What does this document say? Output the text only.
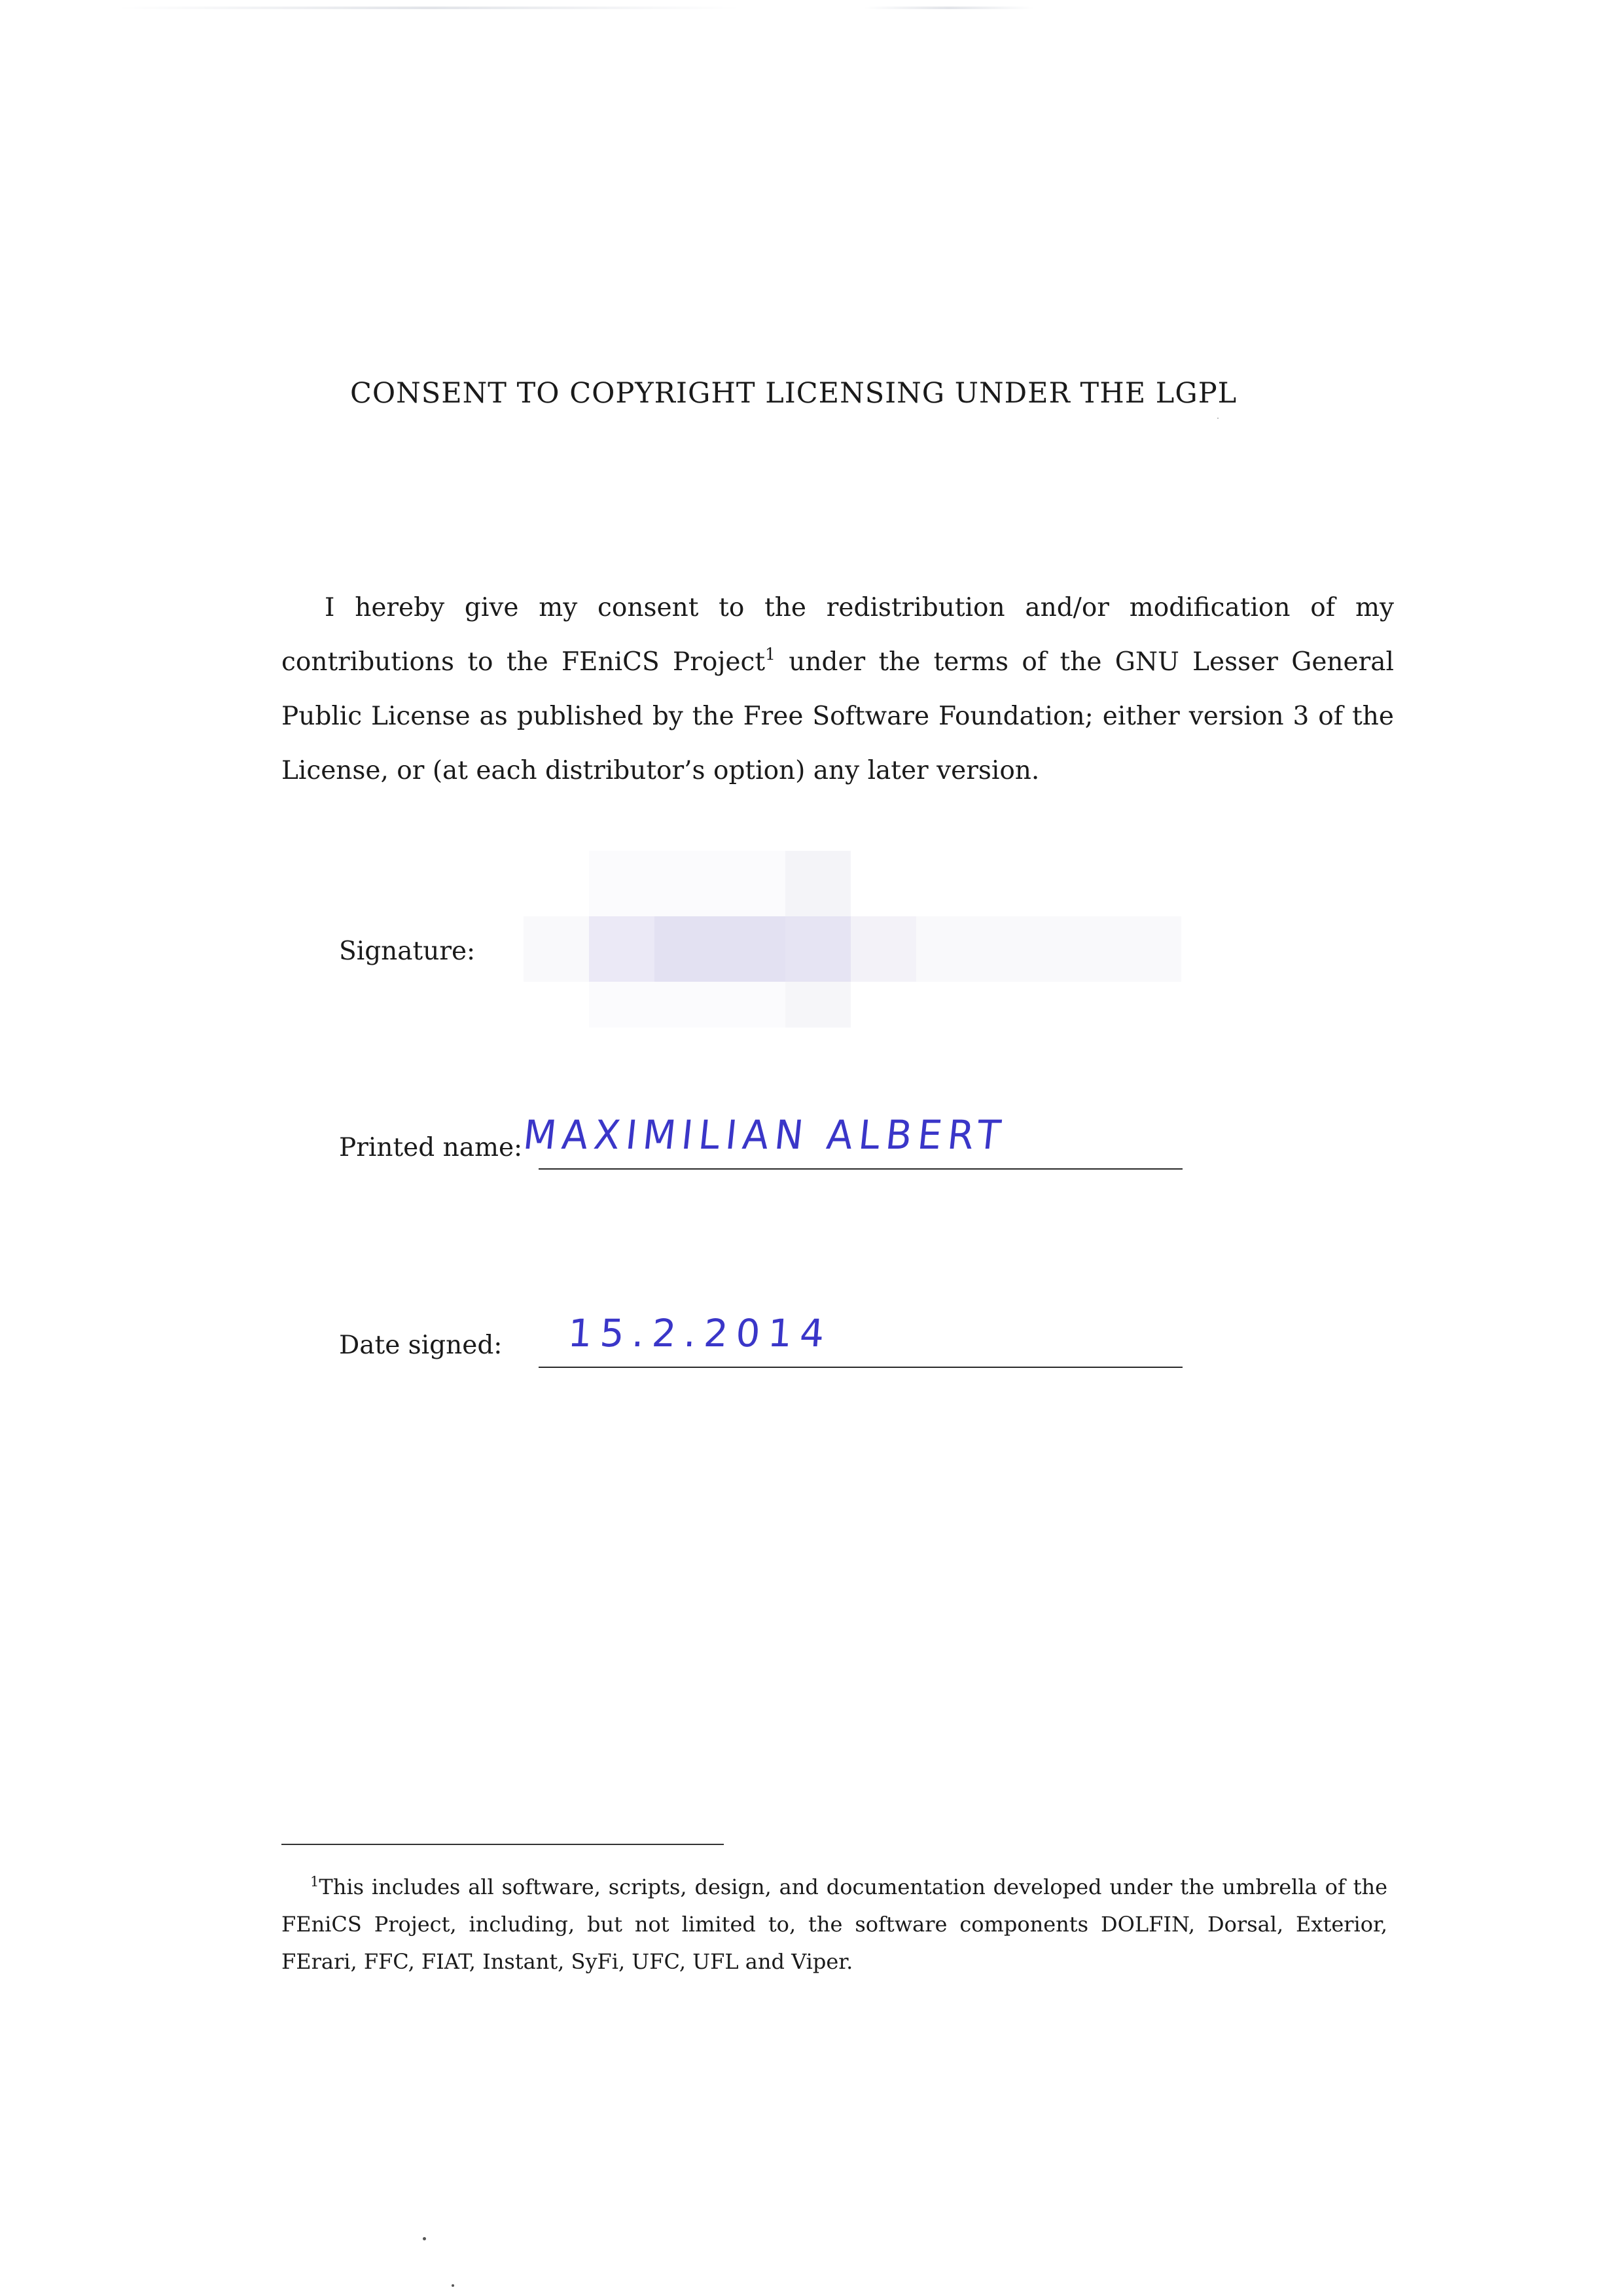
CONSENT TO COPYRIGHT LICENSING UNDER THE LGPL

I hereby give my consent to the redistribution and/or modification of my contributions to the FEniCS Project$^1$ under the terms of the GNU Lesser General Public License as published by the Free Software Foundation; either version 3 of the License, or (at each distributor’s option) any later version.

Signature:
Printed name:
MAXIMILIAN ALBERT
Date signed: 15.2.2014

$^1$This includes all software, scripts, design, and documentation developed under the umbrella of the FEniCS Project, including, but not limited to, the software components DOLFIN, Dorsal, Exterior, FErari, FFC, FIAT, Instant, SyFi, UFC, UFL and Viper.
